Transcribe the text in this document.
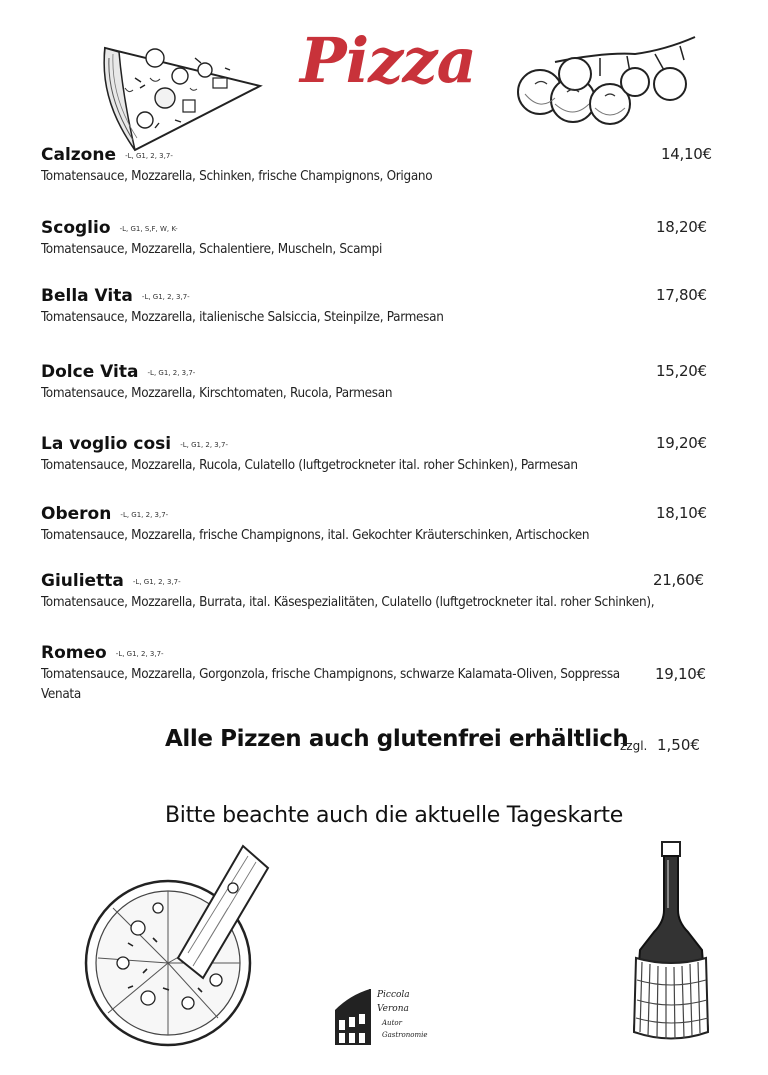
Pizza
Calzone -L, G1, 2, 3,7-
Tomatensauce, Mozzarella, Schinken, frische Champignons, Origano
14,10€
Scoglio -L, G1, S,F, W, K-
Tomatensauce, Mozzarella, Schalentiere, Muscheln, Scampi
18,20€
Bella Vita -L, G1, 2, 3,7-
Tomatensauce, Mozzarella, italienische Salsiccia, Steinpilze, Parmesan
17,80€
Dolce Vita -L, G1, 2, 3,7-
Tomatensauce, Mozzarella, Kirschtomaten, Rucola, Parmesan
15,20€
La voglio cosi -L, G1, 2, 3,7-
Tomatensauce, Mozzarella, Rucola, Culatello (luftgetrockneter ital. roher Schinken), Parmesan
19,20€
Oberon -L, G1, 2, 3,7-
Tomatensauce, Mozzarella, frische Champignons, ital. Gekochter Kräuterschinken, Artischocken
18,10€
Giulietta -L, G1, 2, 3,7-
Tomatensauce, Mozzarella, Burrata, ital. Käsespezialitäten, Culatello (luftgetrockneter ital. roher Schinken),
21,60€
Romeo -L, G1, 2, 3,7-
Tomatensauce, Mozzarella, Gorgonzola, frische Champignons, schwarze Kalamata-Oliven, Soppressa Venata
19,10€
Alle Pizzen auch glutenfrei erhältlich
zzgl. 1,50€
Bitte beachte auch die aktuelle Tageskarte
Piccola
Verona
Autor
Gastronomie
